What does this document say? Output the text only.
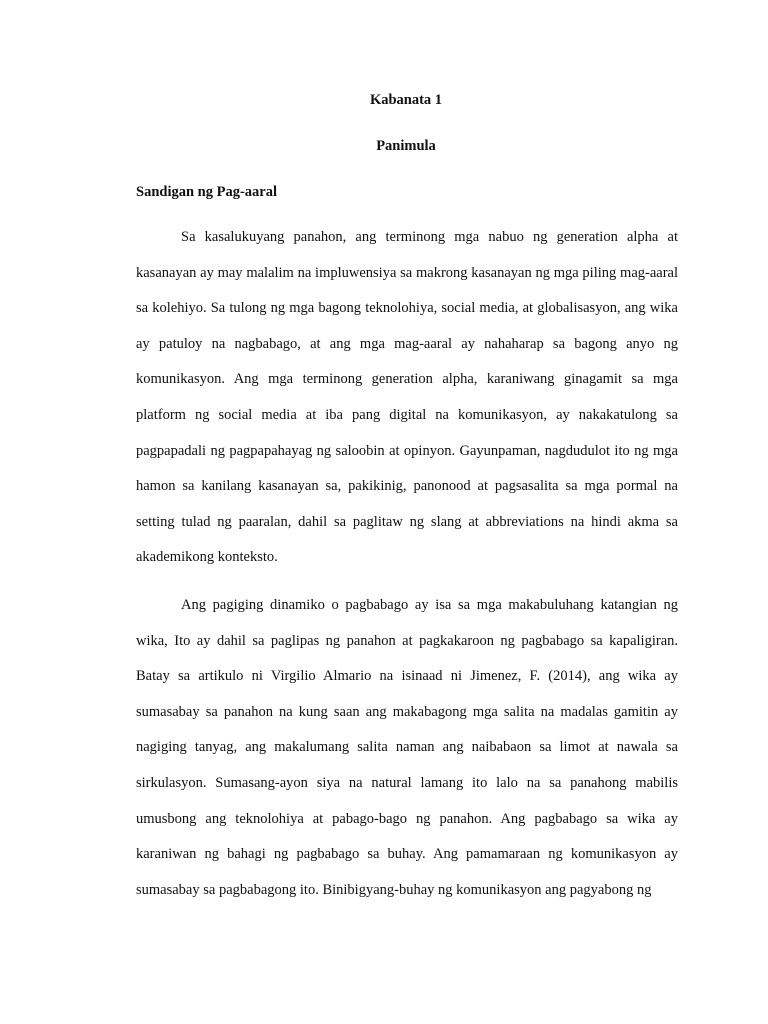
Kabanata 1
Panimula
Sandigan ng Pag-aaral

Sa kasalukuyang panahon, ang terminong mga nabuo ng generation alpha at kasanayan ay may malalim na impluwensiya sa makrong kasanayan ng mga piling mag-aaral sa kolehiyo. Sa tulong ng mga bagong teknolohiya, social media, at globalisasyon, ang wika ay patuloy na nagbabago, at ang mga mag-aaral ay nahaharap sa bagong anyo ng komunikasyon. Ang mga terminong generation alpha, karaniwang ginagamit sa mga platform ng social media at iba pang digital na komunikasyon, ay nakakatulong sa pagpapadali ng pagpapahayag ng saloobin at opinyon. Gayunpaman, nagdudulot ito ng mga hamon sa kanilang kasanayan sa, pakikinig, panonood at pagsasalita sa mga pormal na setting tulad ng paaralan, dahil sa paglitaw ng slang at abbreviations na hindi akma sa akademikong konteksto.

Ang pagiging dinamiko o pagbabago ay isa sa mga makabuluhang katangian ng wika, Ito ay dahil sa paglipas ng panahon at pagkakaroon ng pagbabago sa kapaligiran. Batay sa artikulo ni Virgilio Almario na isinaad ni Jimenez, F. (2014), ang wika ay sumasabay sa panahon na kung saan ang makabagong mga salita na madalas gamitin ay nagiging tanyag, ang makalumang salita naman ang naibabaon sa limot at nawala sa sirkulasyon. Sumasang-ayon siya na natural lamang ito lalo na sa panahong mabilis umusbong ang teknolohiya at pabago-bago ng panahon. Ang pagbabago sa wika ay karaniwan ng bahagi ng pagbabago sa buhay. Ang pamamaraan ng komunikasyon ay sumasabay sa pagbabagong ito. Binibigyang-buhay ng komunikasyon ang pagyabong ng
